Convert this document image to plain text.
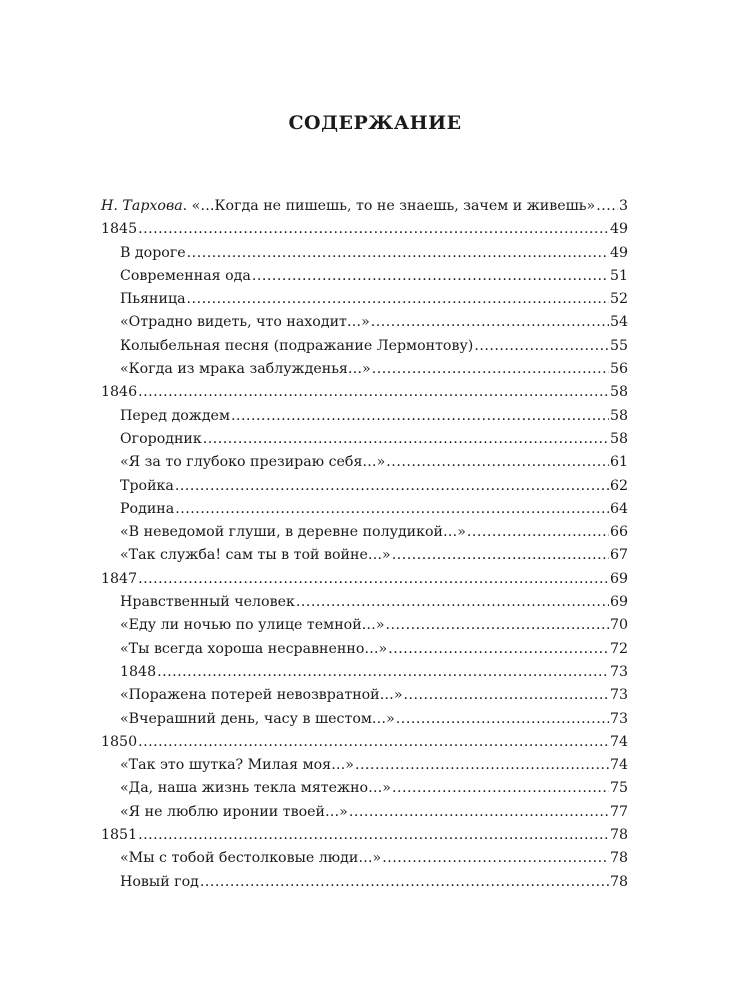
СОДЕРЖАНИЕ
Н. Тархова. «…Когда не пишешь, то не знаешь, зачем и живешь» ..... 3
1845 .....	49
В дороге .....	49
Современная ода .....	51
Пьяница .....	52
«Отрадно видеть, что находит…» .....	54
Колыбельная песня (подражание Лермонтову) .....	55
«Когда из мрака заблужденья…» .....	56
1846 .....	58
Перед дождем .....	58
Огородник .....	58
«Я за то глубоко презираю себя…» .....	61
Тройка .....	62
Родина .....	64
«В неведомой глуши, в деревне полудикой…» .....	66
«Так служба! сам ты в той войне…» .....	67
1847 .....	69
Нравственный человек .....	69
«Еду ли ночью по улице темной…» .....	70
«Ты всегда хороша несравненно…» .....	72
1848 .....	73
«Поражена потерей невозвратной…» .....	73
«Вчерашний день, часу в шестом…» .....	73
1850 .....	74
«Так это шутка? Милая моя…» .....	74
«Да, наша жизнь текла мятежно…» .....	75
«Я не люблю иронии твоей…» .....	77
1851 .....	78
«Мы с тобой бестолковые люди…» .....	78
Новый год .....	78
